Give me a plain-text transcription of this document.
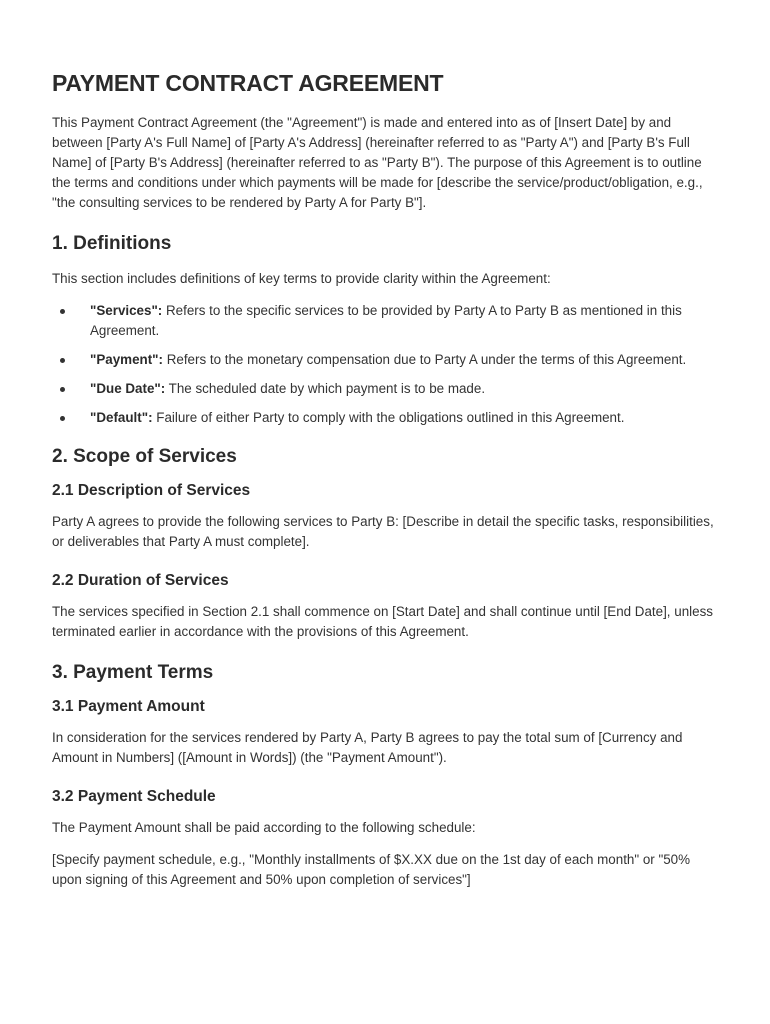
PAYMENT CONTRACT AGREEMENT

This Payment Contract Agreement (the "Agreement") is made and entered into as of [Insert Date] by and between [Party A's Full Name] of [Party A's Address] (hereinafter referred to as "Party A") and [Party B's Full Name] of [Party B's Address] (hereinafter referred to as "Party B"). The purpose of this Agreement is to outline the terms and conditions under which payments will be made for [describe the service/product/obligation, e.g., "the consulting services to be rendered by Party A for Party B"].

1. Definitions

This section includes definitions of key terms to provide clarity within the Agreement:

"Services": Refers to the specific services to be provided by Party A to Party B as mentioned in this Agreement.
"Payment": Refers to the monetary compensation due to Party A under the terms of this Agreement.
"Due Date": The scheduled date by which payment is to be made.
"Default": Failure of either Party to comply with the obligations outlined in this Agreement.
2. Scope of Services
2.1 Description of Services

Party A agrees to provide the following services to Party B: [Describe in detail the specific tasks, responsibilities, or deliverables that Party A must complete].

2.2 Duration of Services

The services specified in Section 2.1 shall commence on [Start Date] and shall continue until [End Date], unless terminated earlier in accordance with the provisions of this Agreement.

3. Payment Terms
3.1 Payment Amount

In consideration for the services rendered by Party A, Party B agrees to pay the total sum of [Currency and Amount in Numbers] ([Amount in Words]) (the "Payment Amount").

3.2 Payment Schedule

The Payment Amount shall be paid according to the following schedule:

[Specify payment schedule, e.g., "Monthly installments of $X.XX due on the 1st day of each month" or "50% upon signing of this Agreement and 50% upon completion of services"]
